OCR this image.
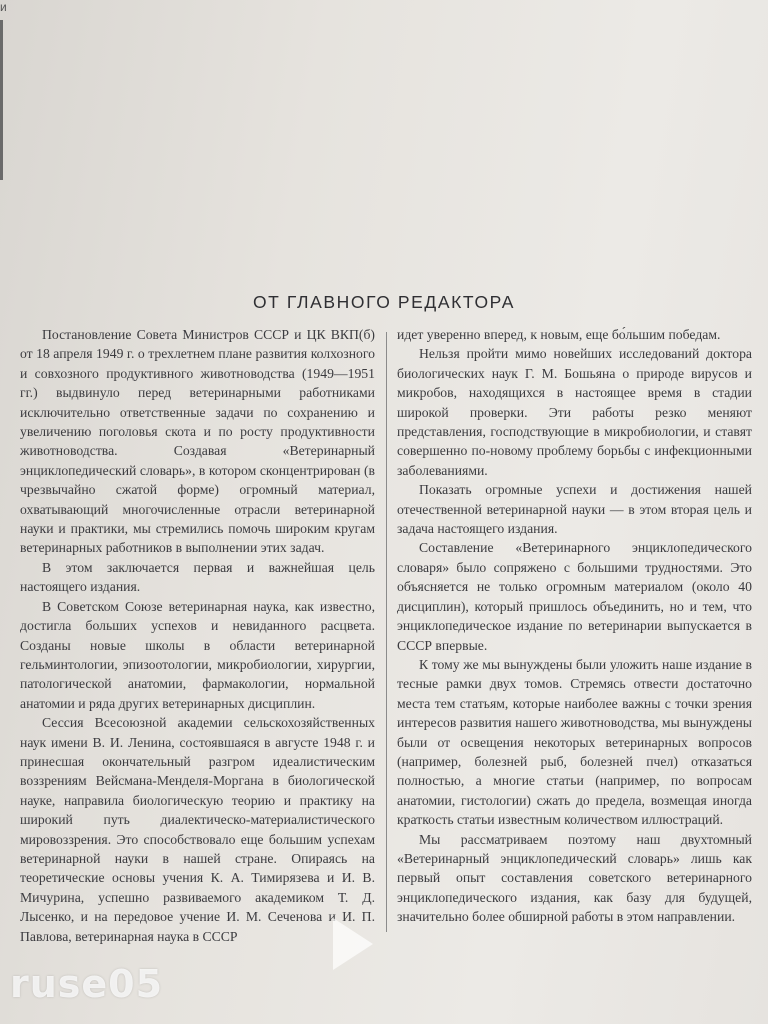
и
ОТ ГЛАВНОГО РЕДАКТОРА

Постановление Совета Министров СССР и ЦК ВКП(б) от 18 апреля 1949 г. о трехлетнем плане развития колхозного и совхозного продуктивного животноводства (1949—1951 гг.) выдвинуло перед ветеринарными работниками исключительно ответственные задачи по сохранению и увеличению поголовья скота и по росту продуктивности животноводства. Создавая «Ветеринарный энциклопедический словарь», в котором сконцентрирован (в чрезвычайно сжатой форме) огромный материал, охватывающий многочисленные отрасли ветеринарной науки и практики, мы стремились помочь широким кругам ветеринарных работников в выполнении этих задач.

В этом заключается первая и важнейшая цель настоящего издания.

В Советском Союзе ветеринарная наука, как известно, достигла больших успехов и невиданного расцвета. Созданы новые школы в области ветеринарной гельминтологии, эпизоотологии, микробиологии, хирургии, патологической анатомии, фармакологии, нормальной анатомии и ряда других ветеринарных дисциплин.

Сессия Всесоюзной академии сельскохозяйственных наук имени В. И. Ленина, состоявшаяся в августе 1948 г. и принесшая окончательный разгром идеалистическим воззрениям Вейсмана-Менделя-Моргана в биологической науке, направила биологическую теорию и практику на широкий путь диалектическо-материалистического мировоззрения. Это способствовало еще большим успехам ветеринарной науки в нашей стране. Опираясь на теоретические основы учения К. А. Тимирязева и И. В. Мичурина, успешно развиваемого академиком Т. Д. Лысенко, и на передовое учение И. М. Сеченова и И. П. Павлова, ветеринарная наука в СССР

идет уверенно вперед, к новым, еще бо́льшим победам.

Нельзя пройти мимо новейших исследований доктора биологических наук Г. М. Бошьяна о природе вирусов и микробов, находящихся в настоящее время в стадии широкой проверки. Эти работы резко меняют представления, господствующие в микробиологии, и ставят совершенно по-новому проблему борьбы с инфекционными заболеваниями.

Показать огромные успехи и достижения нашей отечественной ветеринарной науки — в этом вторая цель и задача настоящего издания.

Составление «Ветеринарного энциклопедического словаря» было сопряжено с большими трудностями. Это объясняется не только огромным материалом (около 40 дисциплин), который пришлось объединить, но и тем, что энциклопедическое издание по ветеринарии выпускается в СССР впервые.

К тому же мы вынуждены были уложить наше издание в тесные рамки двух томов. Стремясь отвести достаточно места тем статьям, которые наиболее важны с точки зрения интересов развития нашего животноводства, мы вынуждены были от освещения некоторых ветеринарных вопросов (например, болезней рыб, болезней пчел) отказаться полностью, а многие статьи (например, по вопросам анатомии, гистологии) сжать до предела, возмещая иногда краткость статьи известным количеством иллюстраций.

Мы рассматриваем поэтому наш двухтомный «Ветеринарный энциклопедический словарь» лишь как первый опыт составления советского ветеринарного энциклопедического издания, как базу для будущей, значительно более обширной работы в этом направлении.

ruse05
